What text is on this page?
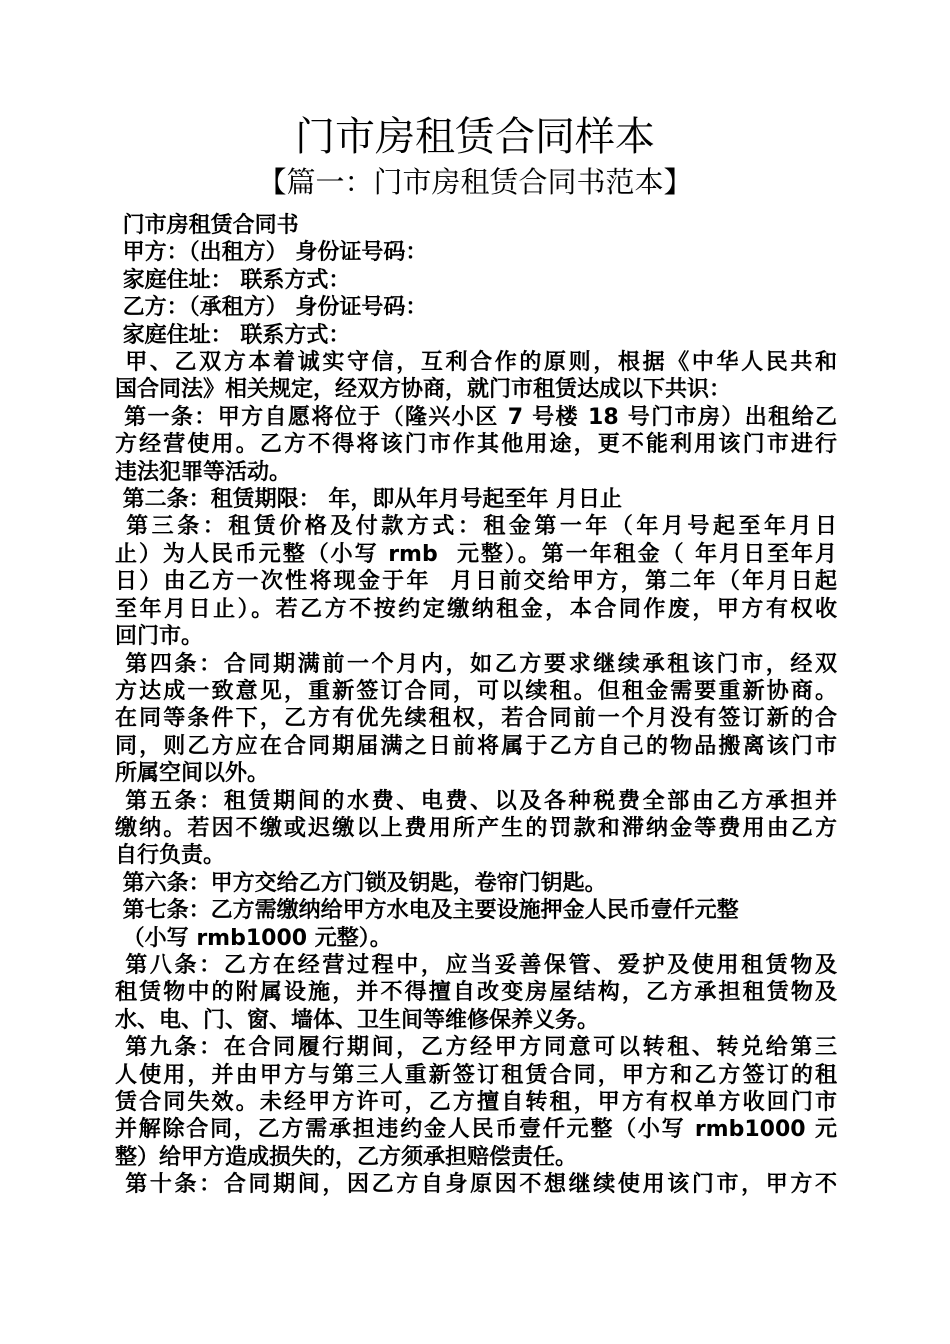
门市房租赁合同样本
【篇一：门市房租赁合同书范本】
门市房租赁合同书
甲方：（出租方） 身份证号码：
家庭住址： 联系方式：
乙方：（承租方） 身份证号码：
家庭住址： 联系方式：
甲、乙双方本着诚实守信，互利合作的原则，根据《中华人民共和
国合同法》相关规定，经双方协商，就门市租赁达成以下共识：
第一条：甲方自愿将位于（隆兴小区 7 号楼 18 号门市房）出租给乙
方经营使用。乙方不得将该门市作其他用途，更不能利用该门市进行
违法犯罪等活动。
第二条：租赁期限： 年，即从年月号起至年 月日止
第三条：租赁价格及付款方式：租金第一年（年月号起至年月日
止）为人民币元整（小写 rmb  元整）。第一年租金（ 年月日至年月
日）由乙方一次性将现金于年  月日前交给甲方，第二年（年月日起
至年月日止）。若乙方不按约定缴纳租金，本合同作废，甲方有权收
回门市。
第四条：合同期满前一个月内，如乙方要求继续承租该门市，经双
方达成一致意见，重新签订合同，可以续租。但租金需要重新协商。
在同等条件下，乙方有优先续租权，若合同前一个月没有签订新的合
同，则乙方应在合同期届满之日前将属于乙方自己的物品搬离该门市
所属空间以外。
第五条：租赁期间的水费、电费、以及各种税费全部由乙方承担并
缴纳。若因不缴或迟缴以上费用所产生的罚款和滞纳金等费用由乙方
自行负责。
第六条：甲方交给乙方门锁及钥匙，卷帘门钥匙。
第七条：乙方需缴纳给甲方水电及主要设施押金人民币壹仟元整
（小写 rmb1000 元整）。
第八条：乙方在经营过程中，应当妥善保管、爱护及使用租赁物及
租赁物中的附属设施，并不得擅自改变房屋结构，乙方承担租赁物及
水、电、门、窗、墙体、卫生间等维修保养义务。
第九条：在合同履行期间，乙方经甲方同意可以转租、转兑给第三
人使用，并由甲方与第三人重新签订租赁合同，甲方和乙方签订的租
赁合同失效。未经甲方许可，乙方擅自转租，甲方有权单方收回门市
并解除合同，乙方需承担违约金人民币壹仟元整（小写 rmb1000 元
整）给甲方造成损失的，乙方须承担赔偿责任。
第十条：合同期间，因乙方自身原因不想继续使用该门市，甲方不
